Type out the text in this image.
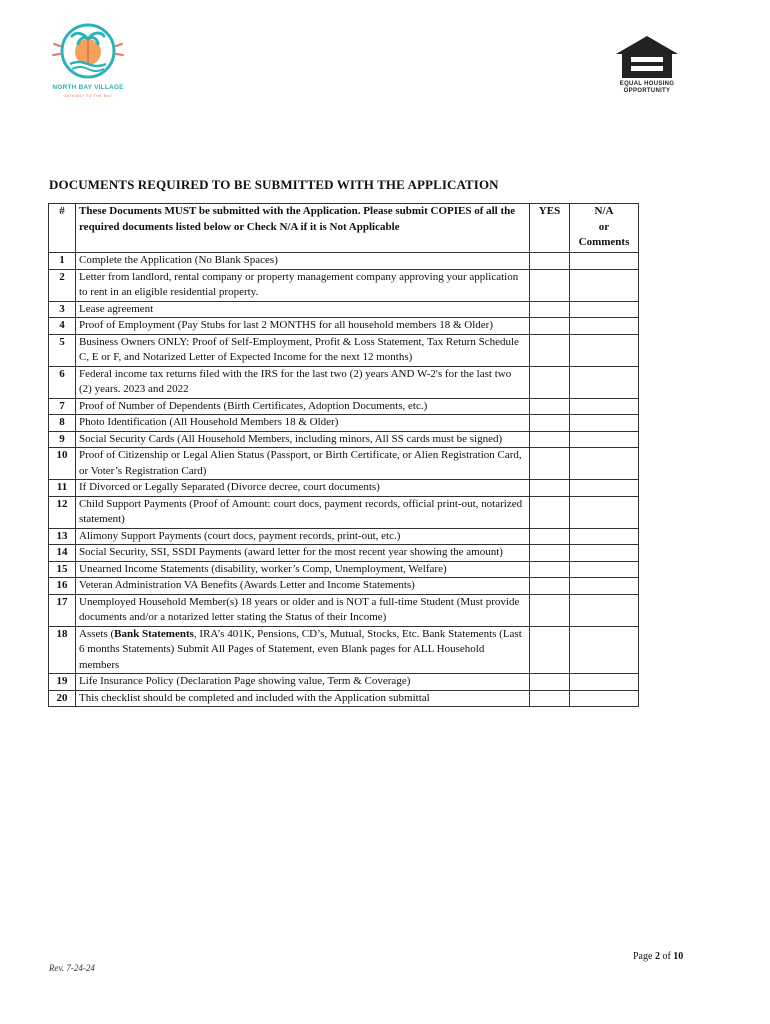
NORTH BAY VILLAGE
GATEWAY TO THE BAY
EQUAL HOUSING
OPPORTUNITY
DOCUMENTS REQUIRED TO BE SUBMITTED WITH THE APPLICATION
#	These Documents MUST be submitted with the Application. Please submit COPIES of all the required documents listed below or Check N/A if it is Not Applicable	YES	N/A
or
Comments

1	Complete the Application (No Blank Spaces)		
2	Letter from landlord, rental company or property management company approving your application to rent in an eligible residential property.		
3	Lease agreement		
4	Proof of Employment (Pay Stubs for last 2 MONTHS for all household members 18 & Older)		
5	Business Owners ONLY: Proof of Self-Employment, Profit & Loss Statement, Tax Return Schedule C, E or F, and Notarized Letter of Expected Income for the next 12 months)		
6	Federal income tax returns filed with the IRS for the last two (2) years AND W-2's for the last two (2) years. 2023 and 2022		
7	Proof of Number of Dependents (Birth Certificates, Adoption Documents, etc.)		
8	Photo Identification (All Household Members 18 & Older)		
9	Social Security Cards (All Household Members, including minors, All SS cards must be signed)		
10	Proof of Citizenship or Legal Alien Status (Passport, or Birth Certificate, or Alien Registration Card, or Voter’s Registration Card)		
11	If Divorced or Legally Separated (Divorce decree, court documents)		
12	Child Support Payments (Proof of Amount: court docs, payment records, official print-out, notarized statement)		
13	Alimony Support Payments (court docs, payment records, print-out, etc.)		
14	Social Security, SSI, SSDI Payments (award letter for the most recent year showing the amount)		
15	Unearned Income Statements (disability, worker’s Comp, Unemployment, Welfare)		
16	Veteran Administration VA Benefits (Awards Letter and Income Statements)		
17	Unemployed Household Member(s) 18 years or older and is NOT a full-time Student (Must provide documents and/or a notarized letter stating the Status of their Income)		
18	Assets (Bank Statements, IRA’s 401K, Pensions, CD’s, Mutual, Stocks, Etc. Bank Statements (Last 6 months Statements) Submit All Pages of Statement, even Blank pages for ALL Household members		
19	Life Insurance Policy (Declaration Page showing value, Term & Coverage)		
20	This checklist should be completed and included with the Application submittal		
Rev. 7-24-24
Page 2 of 10
